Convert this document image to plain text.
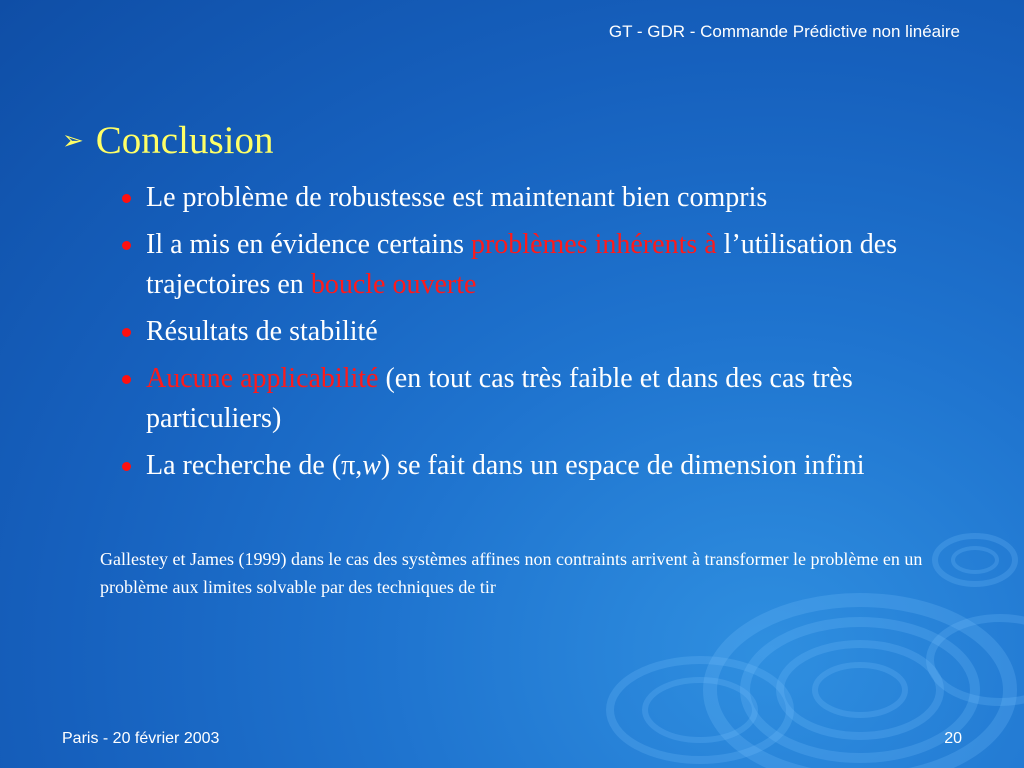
GT - GDR - Commande Prédictive non linéaire
➢ Conclusion
Le problème de robustesse est maintenant bien compris
Il a mis en évidence certains problèmes inhérents à l’utilisation des trajectoires en boucle ouverte
Résultats de stabilité
Aucune applicabilité (en tout cas très faible et dans des cas très particuliers)
La recherche de (π,w) se fait dans un espace de dimension infini
Gallestey et James (1999) dans le cas des systèmes affines non contraints arrivent à transformer le problème en un problème aux limites solvable par des techniques de tir
Paris - 20 février 2003	20
